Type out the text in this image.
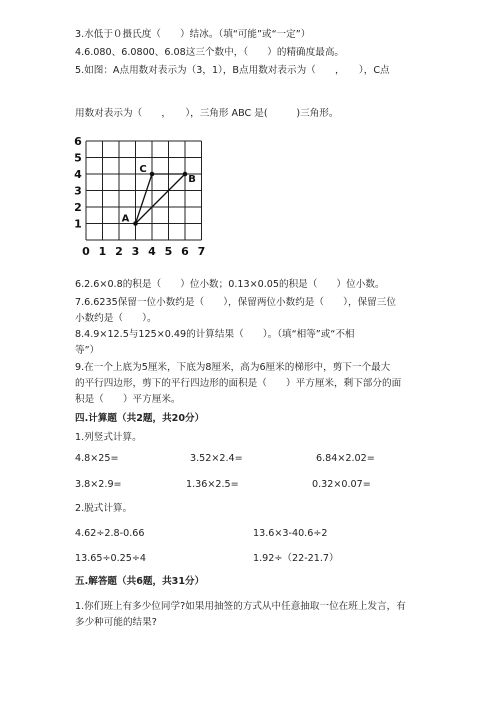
3.水低于０摄氏度（　　）结冰。（填“可能”或“一定”）
4.6.080、6.0800、6.08这三个数中，（　　）的精确度最高。
5.如图：A点用数对表示为（3，1），B点用数对表示为（　　，　　），C点
用数对表示为（　　，　　），三角形 ABC 是(　　　)三角形。
0 1 2 3 4 5 6 7
1
2
3
4
5
6
A
B
C
6.2.6×0.8的积是（　　）位小数；0.13×0.05的积是（　　）位小数。
7.6.6235保留一位小数约是（　　），保留两位小数约是（　　），保留三位
小数约是（　　）。
8.4.9×12.5与125×0.49的计算结果（　　）。（填“相等”或“不相
等”）
9.在一个上底为5厘米，下底为8厘米，高为6厘米的梯形中，剪下一个最大
的平行四边形，剪下的平行四边形的面积是（　　）平方厘米，剩下部分的面
积是（　　）平方厘米。
四.计算题（共2题，共20分）
1.列竖式计算。
4.8×25=	3.52×2.4=	6.84×2.02=
3.8×2.9=	1.36×2.5=	0.32×0.07=
2.脱式计算。
4.62÷2.8-0.66	13.6×3-40.6÷2
13.65÷0.25÷4	1.92÷（22-21.7）
五.解答题（共6题，共31分）
1.你们班上有多少位同学?如果用抽签的方式从中任意抽取一位在班上发言，有
多少种可能的结果?
